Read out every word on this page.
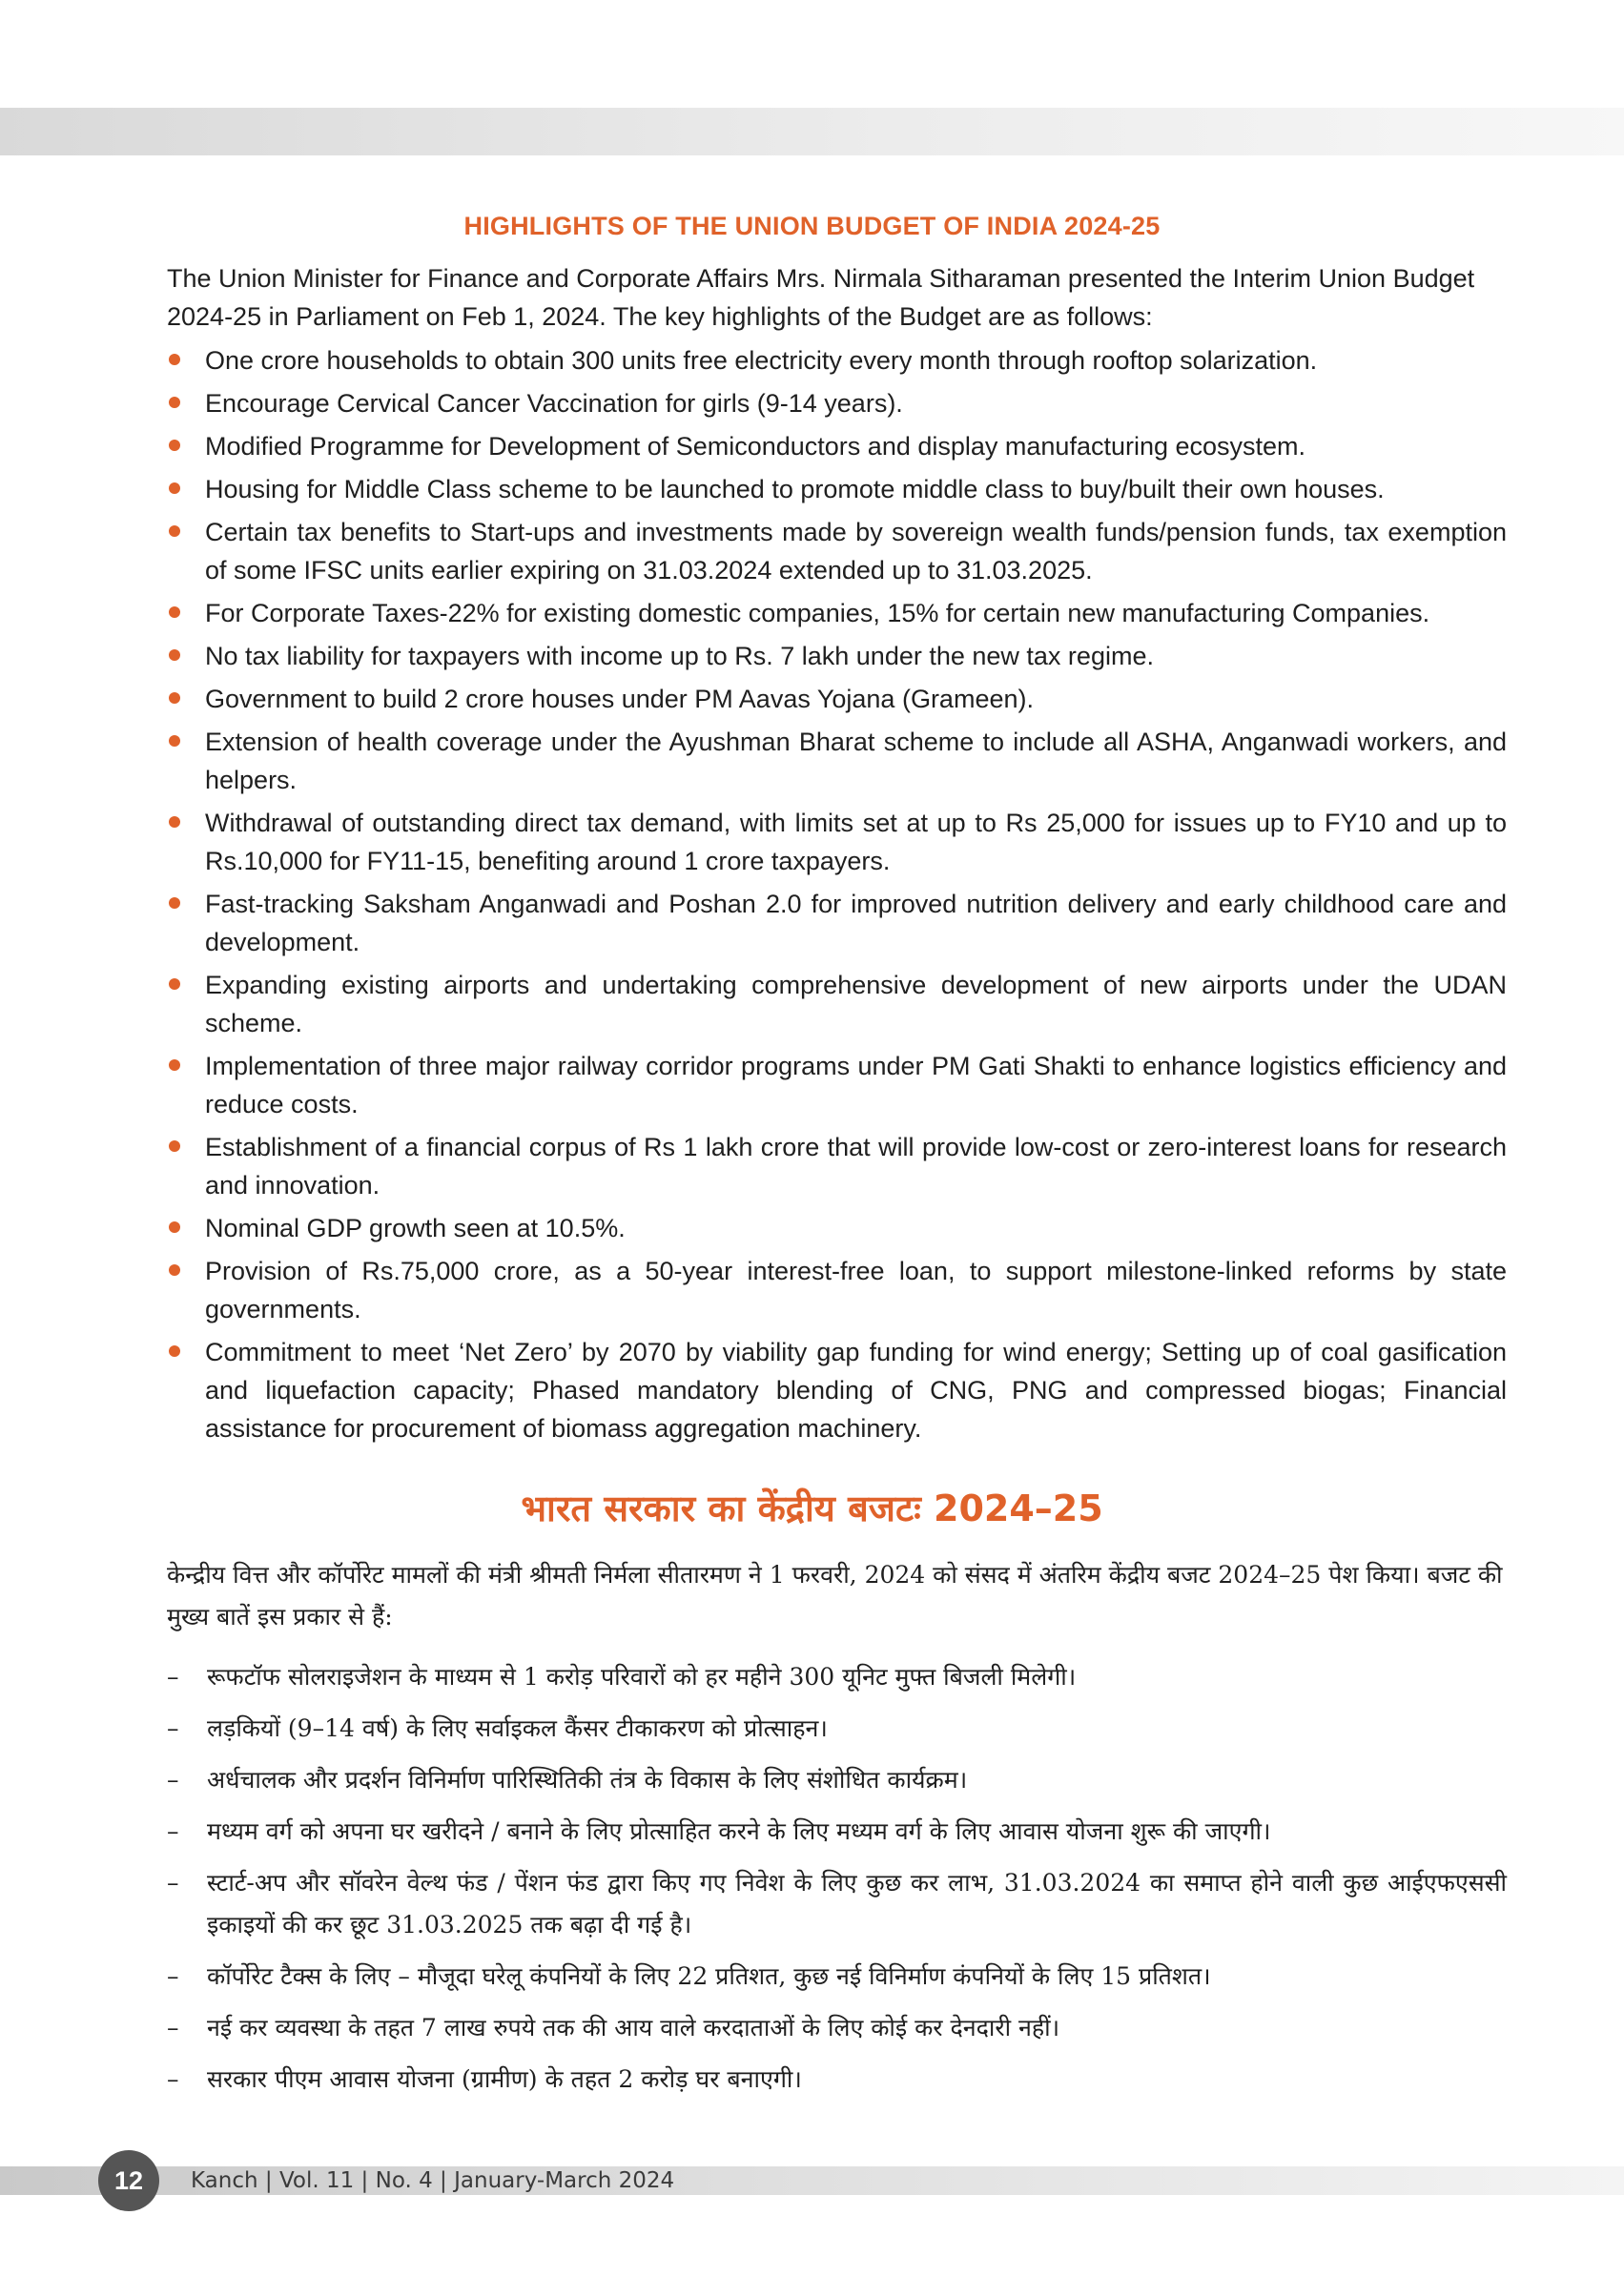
HIGHLIGHTS OF THE UNION BUDGET OF INDIA 2024-25

The Union Minister for Finance and Corporate Affairs Mrs. Nirmala Sitharaman presented the Interim Union Budget 2024-25 in Parliament on Feb 1, 2024. The key highlights of the Budget are as follows:

One crore households to obtain 300 units free electricity every month through rooftop solarization.
Encourage Cervical Cancer Vaccination for girls (9-14 years).
Modified Programme for Development of Semiconductors and display manufacturing ecosystem.
Housing for Middle Class scheme to be launched to promote middle class to buy/built their own houses.
Certain tax benefits to Start-ups and investments made by sovereign wealth funds/pension funds, tax exemption of some IFSC units earlier expiring on 31.03.2024 extended up to 31.03.2025.
For Corporate Taxes-22% for existing domestic companies, 15% for certain new manufacturing Companies.
No tax liability for taxpayers with income up to Rs. 7 lakh under the new tax regime.
Government to build 2 crore houses under PM Aavas Yojana (Grameen).
Extension of health coverage under the Ayushman Bharat scheme to include all ASHA, Anganwadi workers, and helpers.
Withdrawal of outstanding direct tax demand, with limits set at up to Rs 25,000 for issues up to FY10 and up to Rs.10,000 for FY11-15, benefiting around 1 crore taxpayers.
Fast-tracking Saksham Anganwadi and Poshan 2.0 for improved nutrition delivery and early childhood care and development.
Expanding existing airports and undertaking comprehensive development of new airports under the UDAN scheme.
Implementation of three major railway corridor programs under PM Gati Shakti to enhance logistics efficiency and reduce costs.
Establishment of a financial corpus of Rs 1 lakh crore that will provide low-cost or zero-interest loans for research and innovation.
Nominal GDP growth seen at 10.5%.
Provision of Rs.75,000 crore, as a 50-year interest-free loan, to support milestone-linked reforms by state governments.
Commitment to meet ‘Net Zero’ by 2070 by viability gap funding for wind energy; Setting up of coal gasification and liquefaction capacity; Phased mandatory blending of CNG, PNG and compressed biogas; Financial assistance for procurement of biomass aggregation machinery.
भारत सरकार का केंद्रीय बजटः 2024–25

केन्द्रीय वित्त और कॉर्पोरेट मामलों की मंत्री श्रीमती निर्मला सीतारमण ने 1 फरवरी, 2024 को संसद में अंतरिम केंद्रीय बजट 2024–25 पेश किया। बजट की मुख्य बातें इस प्रकार से हैं:

– रूफटॉफ सोलराइजेशन के माध्यम से 1 करोड़ परिवारों को हर महीने 300 यूनिट मुफ्त बिजली मिलेगी।
– लड़कियों (9–14 वर्ष) के लिए सर्वाइकल कैंसर टीकाकरण को प्रोत्साहन।
– अर्धचालक और प्रदर्शन विनिर्माण पारिस्थितिकी तंत्र के विकास के लिए संशोधित कार्यक्रम।
– मध्यम वर्ग को अपना घर खरीदने / बनाने के लिए प्रोत्साहित करने के लिए मध्यम वर्ग के लिए आवास योजना शुरू की जाएगी।
– स्टार्ट-अप और सॉवरेन वेल्थ फंड / पेंशन फंड द्वारा किए गए निवेश के लिए कुछ कर लाभ, 31.03.2024 का समाप्त होने वाली कुछ आईएफएससी इकाइयों की कर छूट 31.03.2025 तक बढ़ा दी गई है।
– कॉर्पोरेट टैक्स के लिए – मौजूदा घरेलू कंपनियों के लिए 22 प्रतिशत, कुछ नई विनिर्माण कंपनियों के लिए 15 प्रतिशत।
– नई कर व्यवस्था के तहत 7 लाख रुपये तक की आय वाले करदाताओं के लिए कोई कर देनदारी नहीं।
– सरकार पीएम आवास योजना (ग्रामीण) के तहत 2 करोड़ घर बनाएगी।
12	Kanch | Vol. 11 | No. 4 | January-March 2024
